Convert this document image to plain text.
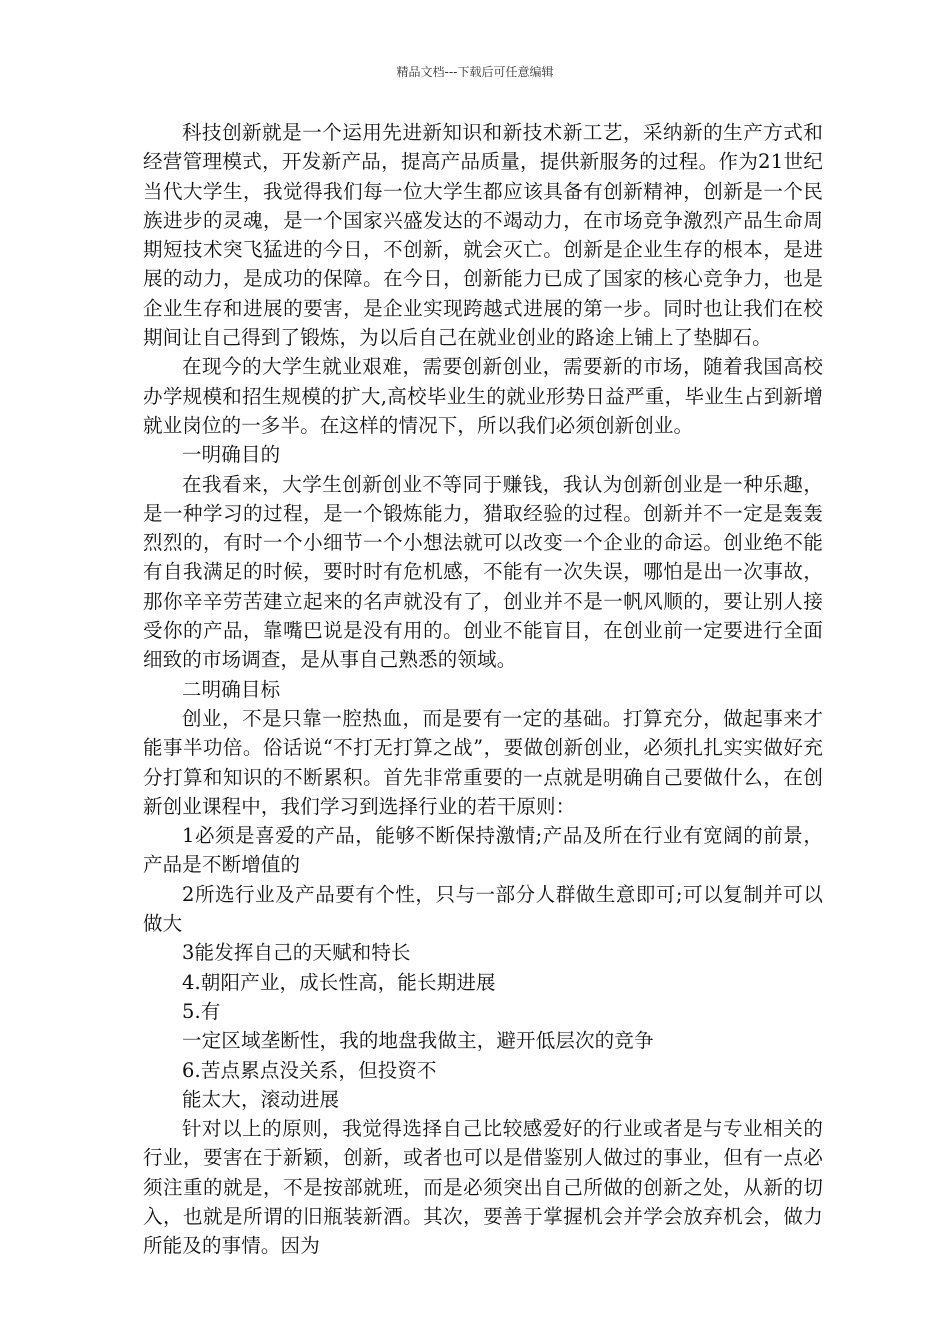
精品文档---下载后可任意编辑

科技创新就是一个运用先进新知识和新技术新工艺，采纳新的生产方式和经营管理模式，开发新产品，提高产品质量，提供新服务的过程。作为21世纪当代大学生，我觉得我们每一位大学生都应该具备有创新精神，创新是一个民族进步的灵魂，是一个国家兴盛发达的不竭动力，在市场竞争激烈产品生命周期短技术突飞猛进的今日，不创新，就会灭亡。创新是企业生存的根本，是进展的动力，是成功的保障。在今日，创新能力已成了国家的核心竞争力，也是企业生存和进展的要害，是企业实现跨越式进展的第一步。同时也让我们在校期间让自己得到了锻炼，为以后自己在就业创业的路途上铺上了垫脚石。

在现今的大学生就业艰难，需要创新创业，需要新的市场，随着我国高校办学规模和招生规模的扩大,高校毕业生的就业形势日益严重，毕业生占到新增就业岗位的一多半。在这样的情况下，所以我们必须创新创业。

一明确目的

在我看来，大学生创新创业不等同于赚钱，我认为创新创业是一种乐趣，是一种学习的过程，是一个锻炼能力，猎取经验的过程。创新并不一定是轰轰烈烈的，有时一个小细节一个小想法就可以改变一个企业的命运。创业绝不能有自我满足的时候，要时时有危机感，不能有一次失误，哪怕是出一次事故，那你辛辛劳苦建立起来的名声就没有了，创业并不是一帆风顺的，要让别人接受你的产品，靠嘴巴说是没有用的。创业不能盲目，在创业前一定要进行全面细致的市场调查，是从事自己熟悉的领域。

二明确目标

创业，不是只靠一腔热血，而是要有一定的基础。打算充分，做起事来才能事半功倍。俗话说“不打无打算之战”，要做创新创业，必须扎扎实实做好充分打算和知识的不断累积。首先非常重要的一点就是明确自己要做什么，在创新创业课程中，我们学习到选择行业的若干原则：

1必须是喜爱的产品，能够不断保持激情;产品及所在行业有宽阔的前景，产品是不断增值的

2所选行业及产品要有个性，只与一部分人群做生意即可;可以复制并可以做大

3能发挥自己的天赋和特长

4.朝阳产业，成长性高，能长期进展

5.有

一定区域垄断性，我的地盘我做主，避开低层次的竞争

6.苦点累点没关系，但投资不

能太大，滚动进展

针对以上的原则，我觉得选择自己比较感爱好的行业或者是与专业相关的行业，要害在于新颖，创新，或者也可以是借鉴别人做过的事业，但有一点必须注重的就是，不是按部就班，而是必须突出自己所做的创新之处，从新的切入，也就是所谓的旧瓶装新酒。其次，要善于掌握机会并学会放弃机会，做力所能及的事情。因为
